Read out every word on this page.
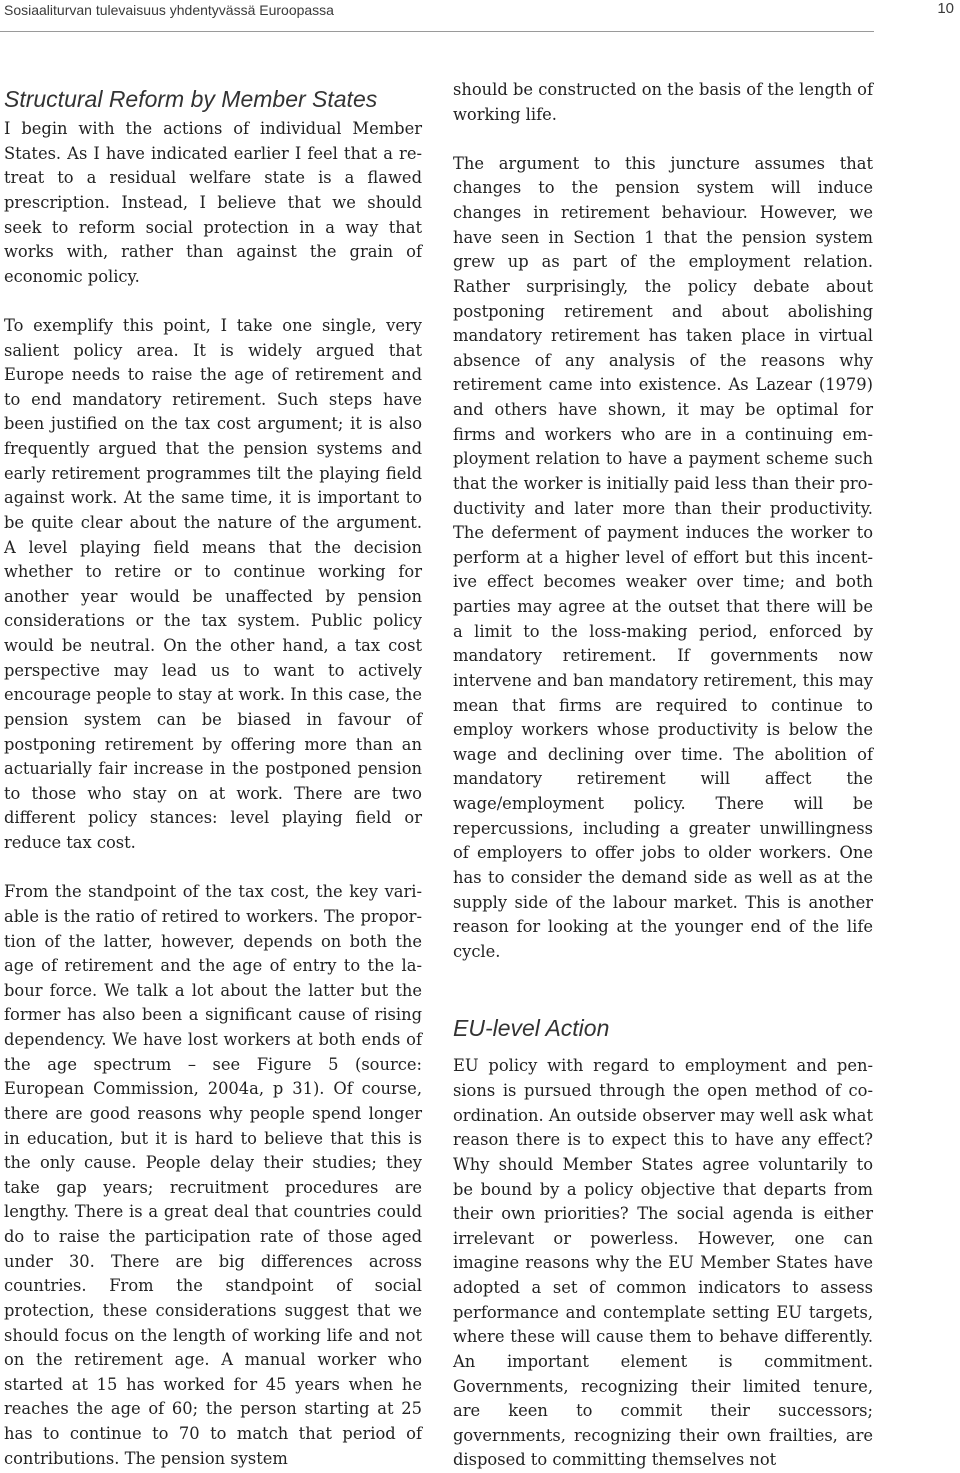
Sosiaaliturvan tulevaisuus yhdentyvässä Euroopassa	10
Structural Reform by Member States

I begin with the actions of individual Member States. As I have indicated earlier I feel that a retreat to a residual welfare state is a flawed prescription. Instead, I believe that we should seek to reform social protection in a way that works with, rather than against the grain of economic policy.

To exemplify this point, I take one single, very salient policy area. It is widely argued that Europe needs to raise the age of retirement and to end mandatory retirement. Such steps have been justified on the tax cost argument; it is also frequently argued that the pension systems and early retirement programmes tilt the playing field against work. At the same time, it is important to be quite clear about the nature of the argument. A level playing field means that the decision whether to retire or to continue working for another year would be unaffected by pension considerations or the tax system. Public policy would be neutral. On the other hand, a tax cost perspective may lead us to want to actively encourage people to stay at work. In this case, the pension system can be biased in favour of postponing retirement by offering more than an actuarially fair increase in the postponed pension to those who stay on at work. There are two different policy stances: level playing field or reduce tax cost.

From the standpoint of the tax cost, the key variable is the ratio of retired to workers. The proportion of the latter, however, depends on both the age of retirement and the age of entry to the labour force. We talk a lot about the latter but the former has also been a significant cause of rising dependency. We have lost workers at both ends of the age spectrum – see Figure 5 (source: European Commission, 2004a, p 31). Of course, there are good reasons why people spend longer in education, but it is hard to believe that this is the only cause. People delay their studies; they take gap years; recruitment procedures are lengthy. There is a great deal that countries could do to raise the participation rate of those aged under 30. There are big differences across countries. From the standpoint of social protection, these considerations suggest that we should focus on the length of working life and not on the retirement age. A manual worker who started at 15 has worked for 45 years when he reaches the age of 60; the person starting at 25 has to continue to 70 to match that period of contributions. The pension system

should be constructed on the basis of the length of working life.

The argument to this juncture assumes that changes to the pension system will induce changes in retirement behaviour. However, we have seen in Section 1 that the pension system grew up as part of the employment relation. Rather surprisingly, the policy debate about postponing retirement and about abolishing mandatory retirement has taken place in virtual absence of any analysis of the reasons why retirement came into existence. As Lazear (1979) and others have shown, it may be optimal for firms and workers who are in a continuing employment relation to have a payment scheme such that the worker is initially paid less than their productivity and later more than their productivity. The deferment of payment induces the worker to perform at a higher level of effort but this incentive effect becomes weaker over time; and both parties may agree at the outset that there will be a limit to the loss-making period, enforced by mandatory retirement. If governments now intervene and ban mandatory retirement, this may mean that firms are required to continue to employ workers whose productivity is below the wage and declining over time. The abolition of mandatory retirement will affect the wage/employment policy. There will be repercussions, including a greater unwillingness of employers to offer jobs to older workers. One has to consider the demand side as well as at the supply side of the labour market. This is another reason for looking at the younger end of the life cycle.

EU-level Action

EU policy with regard to employment and pensions is pursued through the open method of coordination. An outside observer may well ask what reason there is to expect this to have any effect? Why should Member States agree voluntarily to be bound by a policy objective that departs from their own priorities? The social agenda is either irrelevant or powerless. However, one can imagine reasons why the EU Member States have adopted a set of common indicators to assess performance and contemplate setting EU targets, where these will cause them to behave differently. An important element is commitment. Governments, recognizing their limited tenure, are keen to commit their successors; governments, recognizing their own frailties, are disposed to committing themselves not
